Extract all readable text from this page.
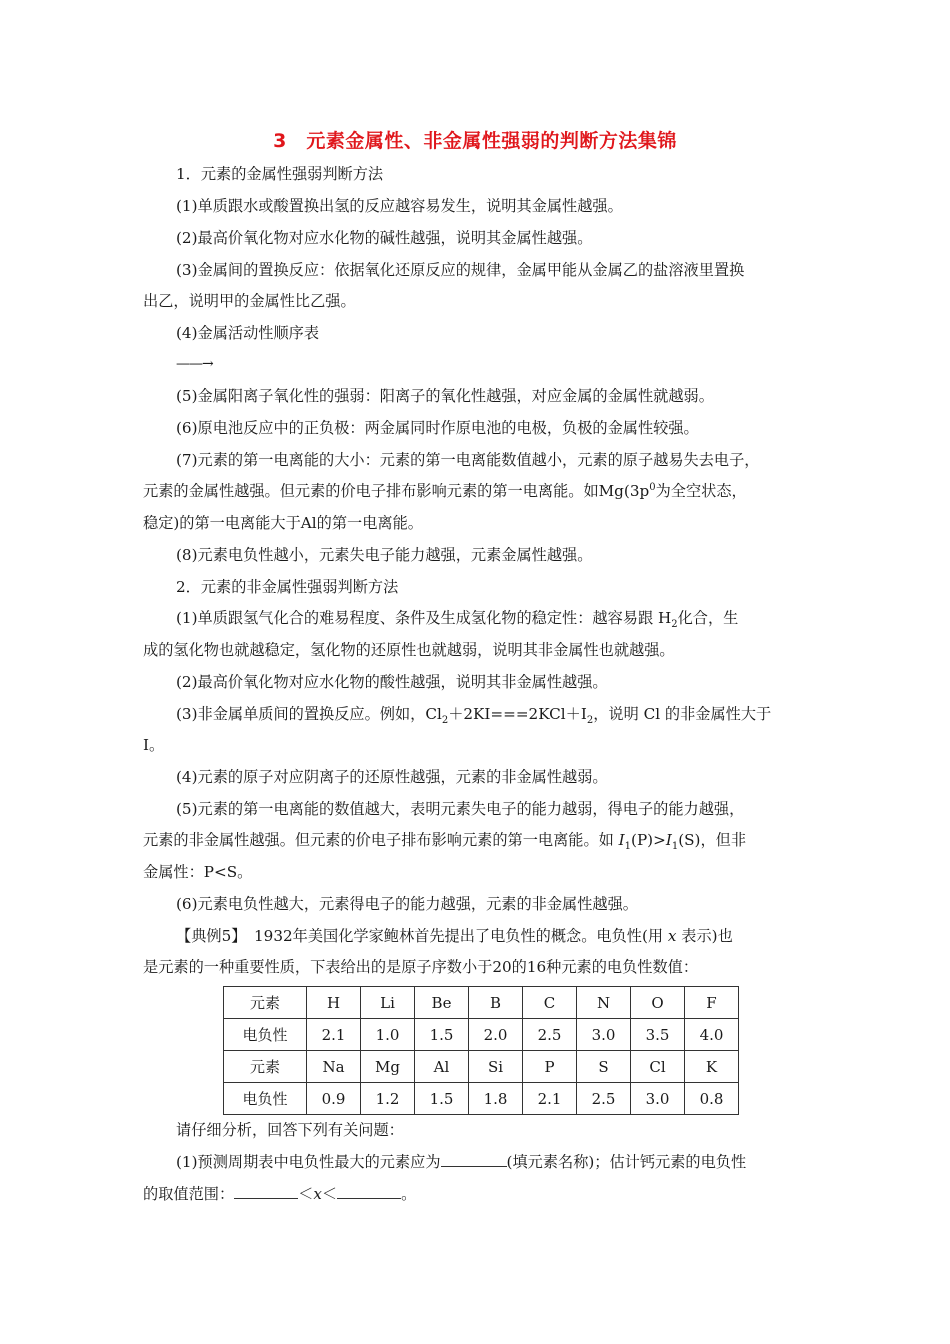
3　元素金属性、非金属性强弱的判断方法集锦
1．元素的金属性强弱判断方法
(1)单质跟水或酸置换出氢的反应越容易发生，说明其金属性越强。
(2)最高价氧化物对应水化物的碱性越强，说明其金属性越强。
(3)金属间的置换反应：依据氧化还原反应的规律，金属甲能从金属乙的盐溶液里置换
出乙，说明甲的金属性比乙强。
(4)金属活动性顺序表
——→
(5)金属阳离子氧化性的强弱：阳离子的氧化性越强，对应金属的金属性就越弱。
(6)原电池反应中的正负极：两金属同时作原电池的电极，负极的金属性较强。
(7)元素的第一电离能的大小：元素的第一电离能数值越小，元素的原子越易失去电子，
元素的金属性越强。但元素的价电子排布影响元素的第一电离能。如$Mg(3p^0$为全空状态，
稳定)的第一电离能大于Al的第一电离能。
(8)元素电负性越小，元素失电子能力越强，元素金属性越强。
2．元素的非金属性强弱判断方法
(1)单质跟氢气化合的难易程度、条件及生成氢化物的稳定性：越容易跟 $H_2$化合，生
成的氢化物也就越稳定，氢化物的还原性也就越弱，说明其非金属性也就越强。
(2)最高价氧化物对应水化物的酸性越强，说明其非金属性越强。
(3)非金属单质间的置换反应。例如，$Cl_2+2KI===2KCl+I_2$，说明 Cl 的非金属性大于
I。
(4)元素的原子对应阴离子的还原性越强，元素的非金属性越弱。
(5)元素的第一电离能的数值越大，表明元素失电子的能力越弱，得电子的能力越强，
元素的非金属性越强。但元素的价电子排布影响元素的第一电离能。如 $I_1(P)>I_1(S)$，但非
金属性：P<S。
(6)元素电负性越大，元素得电子的能力越强，元素的非金属性越强。
【典例5】　1932年美国化学家鲍林首先提出了电负性的概念。电负性(用 x 表示)也
是元素的一种重要性质，下表给出的是原子序数小于20的16种元素的电负性数值：
元素	H	Li	Be	B	C	N	O	F
电负性	2.1	1.0	1.5	2.0	2.5	3.0	3.5	4.0
元素	Na	Mg	Al	Si	P	S	Cl	K
电负性	0.9	1.2	1.5	1.8	2.1	2.5	3.0	0.8
请仔细分析，回答下列有关问题：
(1)预测周期表中电负性最大的元素应为	(填元素名称)；估计钙元素的电负性
的取值范围：	＜x＜	。
